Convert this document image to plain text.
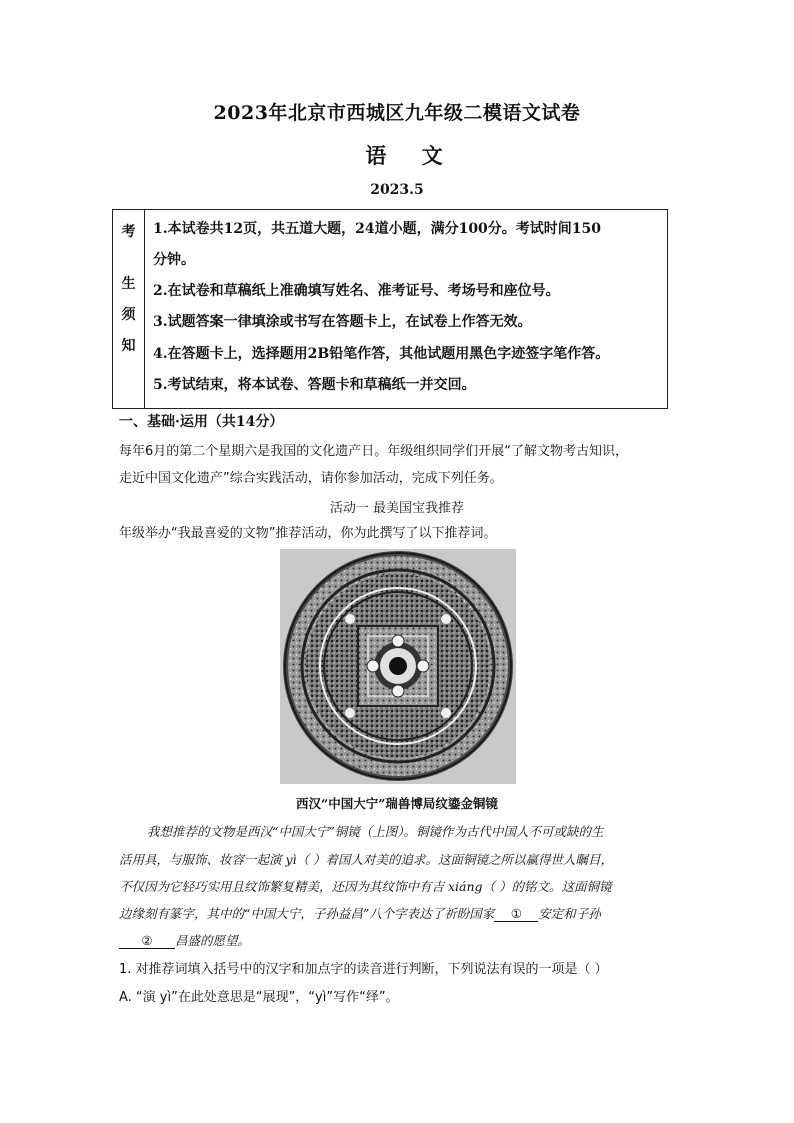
2023年北京市西城区九年级二模语文试卷
语 文
2023.5
考
生
须
知
1.本试卷共12页，共五道大题，24道小题，满分100分。考试时间150
分钟。
2.在试卷和草稿纸上准确填写姓名、准考证号、考场号和座位号。
3.试题答案一律填涂或书写在答题卡上，在试卷上作答无效。
4.在答题卡上，选择题用2B铅笔作答，其他试题用黑色字迹签字笔作答。
5.考试结束，将本试卷、答题卡和草稿纸一并交回。
一、基础·运用（共14分）
每年6月的第二个星期六是我国的文化遗产日。年级组织同学们开展“了解文物考古知识，
走近中国文化遗产”综合实践活动，请你参加活动，完成下列任务。
活动一 最美国宝我推荐
年级举办“我最喜爱的文物”推荐活动，你为此撰写了以下推荐词。
西汉“中国大宁”瑞兽博局纹鎏金铜镜
我想推荐的文物是西汉“中国大宁”铜镜（上图）。铜镜作为古代中国人不可或缺的生
活用具，与服饰、妆容一起演 yì（ ）着国人对美的追求。这面铜镜之所以赢得世人瞩目，
不仅因为它轻巧实用且纹饰繁复精美，还因为其纹饰中有吉 xiáng（ ）的铭文。这面铜镜
边缘刻有篆字，其中的“中国大宁，子孙益昌”八个字表达了祈盼国家 ① 安定和子孙
② 昌盛的愿望。
1. 对推荐词填入括号中的汉字和加点字的读音进行判断，下列说法有误的一项是（ ）
A. “演 yì”在此处意思是“展现”，“yì”写作“绎”。
